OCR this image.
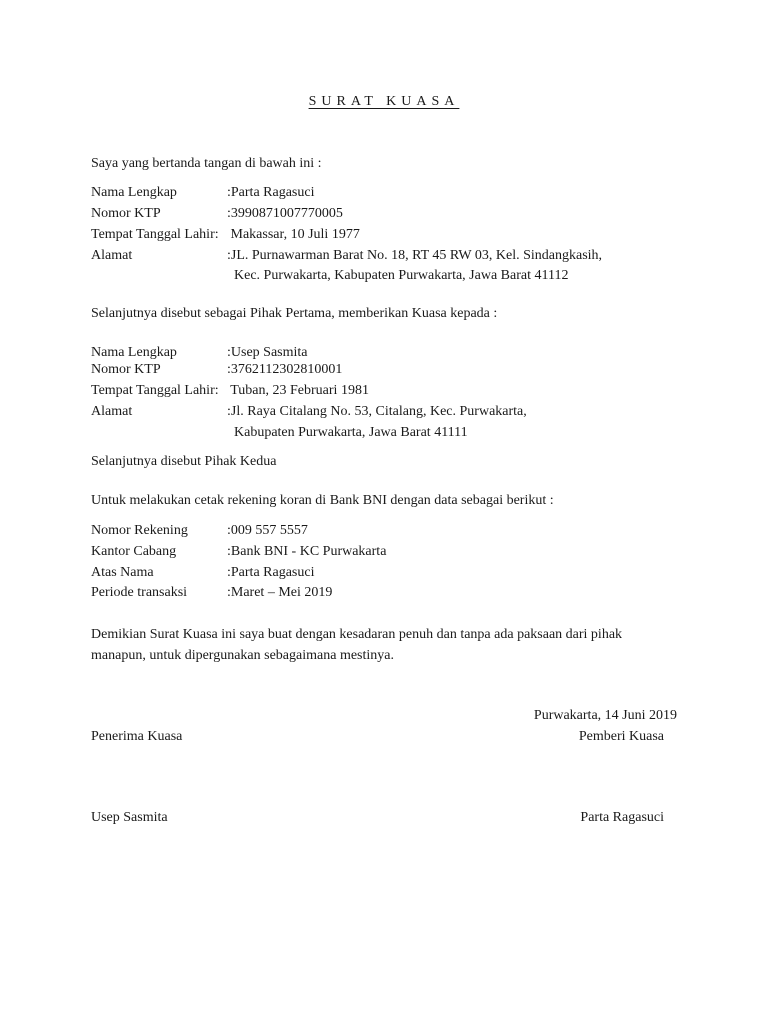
SURAT KUASA
Saya yang bertanda tangan di bawah ini :
Nama Lengkap	:Parta Ragasuci
Nomor KTP	:3990871007770005
Tempat Tanggal Lahir: Makassar, 10 Juli 1977
Alamat	:JL. Purnawarman Barat No. 18, RT 45 RW 03, Kel. Sindangkasih,
Kec. Purwakarta, Kabupaten Purwakarta, Jawa Barat 41112
Selanjutnya disebut sebagai Pihak Pertama, memberikan Kuasa kepada :
Nama Lengkap	:Usep Sasmita
Nomor KTP	:3762112302810001
Tempat Tanggal Lahir: Tuban, 23 Februari 1981
Alamat	:Jl. Raya Citalang No. 53, Citalang, Kec. Purwakarta,
Kabupaten Purwakarta, Jawa Barat 41111
Selanjutnya disebut Pihak Kedua
Untuk melakukan cetak rekening koran di Bank BNI dengan data sebagai berikut :
Nomor Rekening	:009 557 5557
Kantor Cabang	:Bank BNI - KC Purwakarta
Atas Nama	:Parta Ragasuci
Periode transaksi	:Maret – Mei 2019
Demikian Surat Kuasa ini saya buat dengan kesadaran penuh dan tanpa ada paksaan dari pihak
manapun, untuk dipergunakan sebagaimana mestinya.
Purwakarta, 14 Juni 2019
Penerima Kuasa	Pemberi Kuasa
Usep Sasmita	Parta Ragasuci
